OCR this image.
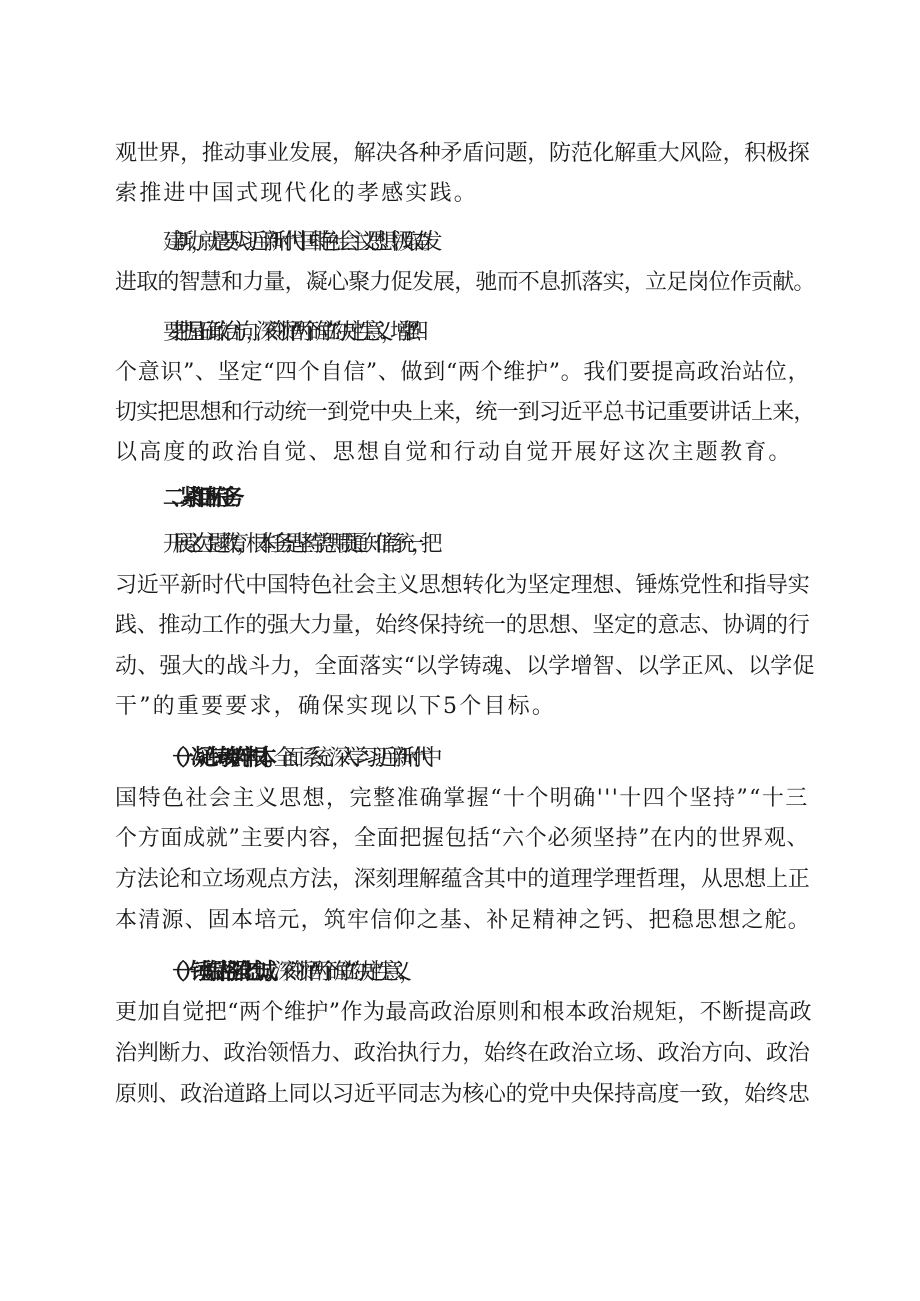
观世界，推动事业发展，解决各种矛盾问题，防范化解重大风险，积极探
索推进中国式现代化的孝感实践。
建新功，就是要从习近平新时代中国特色社会主义思想中汲取奋发
进取的智慧和力量，凝心聚力促发展，驰而不息抓落实，立足岗位作贡献。
要把握正确政治方向，深刻领悟“两个确立”的决定性意义，增强“四
个意识”、坚定“四个自信”、做到“两个维护”。我们要提高政治站位，
切实把思想和行动统一到党中央上来，统一到习近平总书记重要讲话上来，
以高度的政治自觉、思想自觉和行动自觉开展好这次主题教育。
二、紧扣目标任务
开展这次主题教育，根本任务是坚持学思用贯通、知信行统一，把
习近平新时代中国特色社会主义思想转化为坚定理想、锤炼党性和指导实
践、推动工作的强大力量，始终保持统一的思想、坚定的意志、协调的行
动、强大的战斗力，全面落实“以学铸魂、以学增智、以学正风、以学促
干”的重要要求，确保实现以下5个目标。
（一）凝心铸魂筑牢根本。全面、系统、深入学习习近平新时代中
国特色社会主义思想，完整准确掌握“十个明确'''十四个坚持”“十三
个方面成就”主要内容，全面把握包括“六个必须坚持”在内的世界观、
方法论和立场观点方法，深刻理解蕴含其中的道理学理哲理，从思想上正
本清源、固本培元，筑牢信仰之基、补足精神之钙、把稳思想之舵。
（一）锤炼品格强化忠诚。深刻领悟“两个确立”的决定性意义，
更加自觉把“两个维护”作为最高政治原则和根本政治规矩，不断提高政
治判断力、政治领悟力、政治执行力，始终在政治立场、政治方向、政治
原则、政治道路上同以习近平同志为核心的党中央保持高度一致，始终忠
